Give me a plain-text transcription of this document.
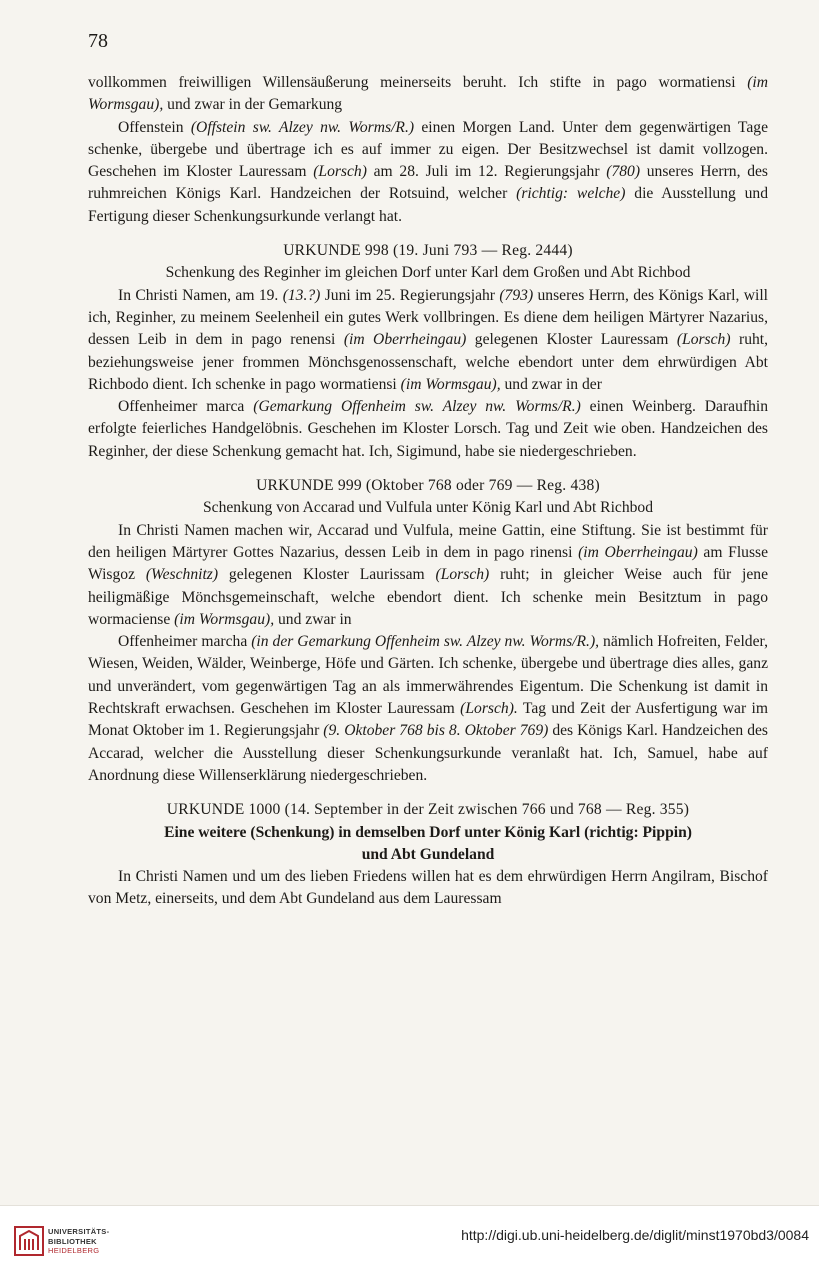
78

vollkommen freiwilligen Willensäußerung meinerseits beruht. Ich stifte in pago wormatiensi (im Wormsgau), und zwar in der Gemarkung

Offenstein (Offstein sw. Alzey nw. Worms/R.) einen Morgen Land. Unter dem gegenwärtigen Tage schenke, übergebe und übertrage ich es auf immer zu eigen. Der Besitzwechsel ist damit vollzogen. Geschehen im Kloster Lauressam (Lorsch) am 28. Juli im 12. Regierungsjahr (780) unseres Herrn, des ruhmreichen Königs Karl. Handzeichen der Rotsuind, welcher (richtig: welche) die Ausstellung und Fertigung dieser Schenkungsurkunde verlangt hat.

URKUNDE 998 (19. Juni 793 — Reg. 2444)
Schenkung des Reginher im gleichen Dorf unter Karl dem Großen und Abt Richbod

In Christi Namen, am 19. (13.?) Juni im 25. Regierungsjahr (793) unseres Herrn, des Königs Karl, will ich, Reginher, zu meinem Seelenheil ein gutes Werk vollbringen. Es diene dem heiligen Märtyrer Nazarius, dessen Leib in dem in pago renensi (im Oberrheingau) gelegenen Kloster Lauressam (Lorsch) ruht, beziehungsweise jener frommen Mönchsgenossenschaft, welche ebendort unter dem ehrwürdigen Abt Richbodo dient. Ich schenke in pago wormatiensi (im Wormsgau), und zwar in der

Offenheimer marca (Gemarkung Offenheim sw. Alzey nw. Worms/R.) einen Weinberg. Daraufhin erfolgte feierliches Handgelöbnis. Geschehen im Kloster Lorsch. Tag und Zeit wie oben. Handzeichen des Reginher, der diese Schenkung gemacht hat. Ich, Sigimund, habe sie niedergeschrieben.

URKUNDE 999 (Oktober 768 oder 769 — Reg. 438)
Schenkung von Accarad und Vulfula unter König Karl und Abt Richbod

In Christi Namen machen wir, Accarad und Vulfula, meine Gattin, eine Stiftung. Sie ist bestimmt für den heiligen Märtyrer Gottes Nazarius, dessen Leib in dem in pago rinensi (im Oberrheingau) am Flusse Wisgoz (Weschnitz) gelegenen Kloster Laurissam (Lorsch) ruht; in gleicher Weise auch für jene heiligmäßige Mönchsgemeinschaft, welche ebendort dient. Ich schenke mein Besitztum in pago wormaciense (im Wormsgau), und zwar in

Offenheimer marcha (in der Gemarkung Offenheim sw. Alzey nw. Worms/R.), nämlich Hofreiten, Felder, Wiesen, Weiden, Wälder, Weinberge, Höfe und Gärten. Ich schenke, übergebe und übertrage dies alles, ganz und unverändert, vom gegenwärtigen Tag an als immerwährendes Eigentum. Die Schenkung ist damit in Rechtskraft erwachsen. Geschehen im Kloster Lauressam (Lorsch). Tag und Zeit der Ausfertigung war im Monat Oktober im 1. Regierungsjahr (9. Oktober 768 bis 8. Oktober 769) des Königs Karl. Handzeichen des Accarad, welcher die Ausstellung dieser Schenkungsurkunde veranlaßt hat. Ich, Samuel, habe auf Anordnung diese Willenserklärung niedergeschrieben.

URKUNDE 1000 (14. September in der Zeit zwischen 766 und 768 — Reg. 355)
Eine weitere (Schenkung) in demselben Dorf unter König Karl (richtig: Pippin)
und Abt Gundeland

In Christi Namen und um des lieben Friedens willen hat es dem ehrwürdigen Herrn Angilram, Bischof von Metz, einerseits, und dem Abt Gundeland aus dem Lauressam

UNIVERSITÄTS-
BIBLIOTHEK
HEIDELBERG
http://digi.ub.uni-heidelberg.de/diglit/minst1970bd3/0084
